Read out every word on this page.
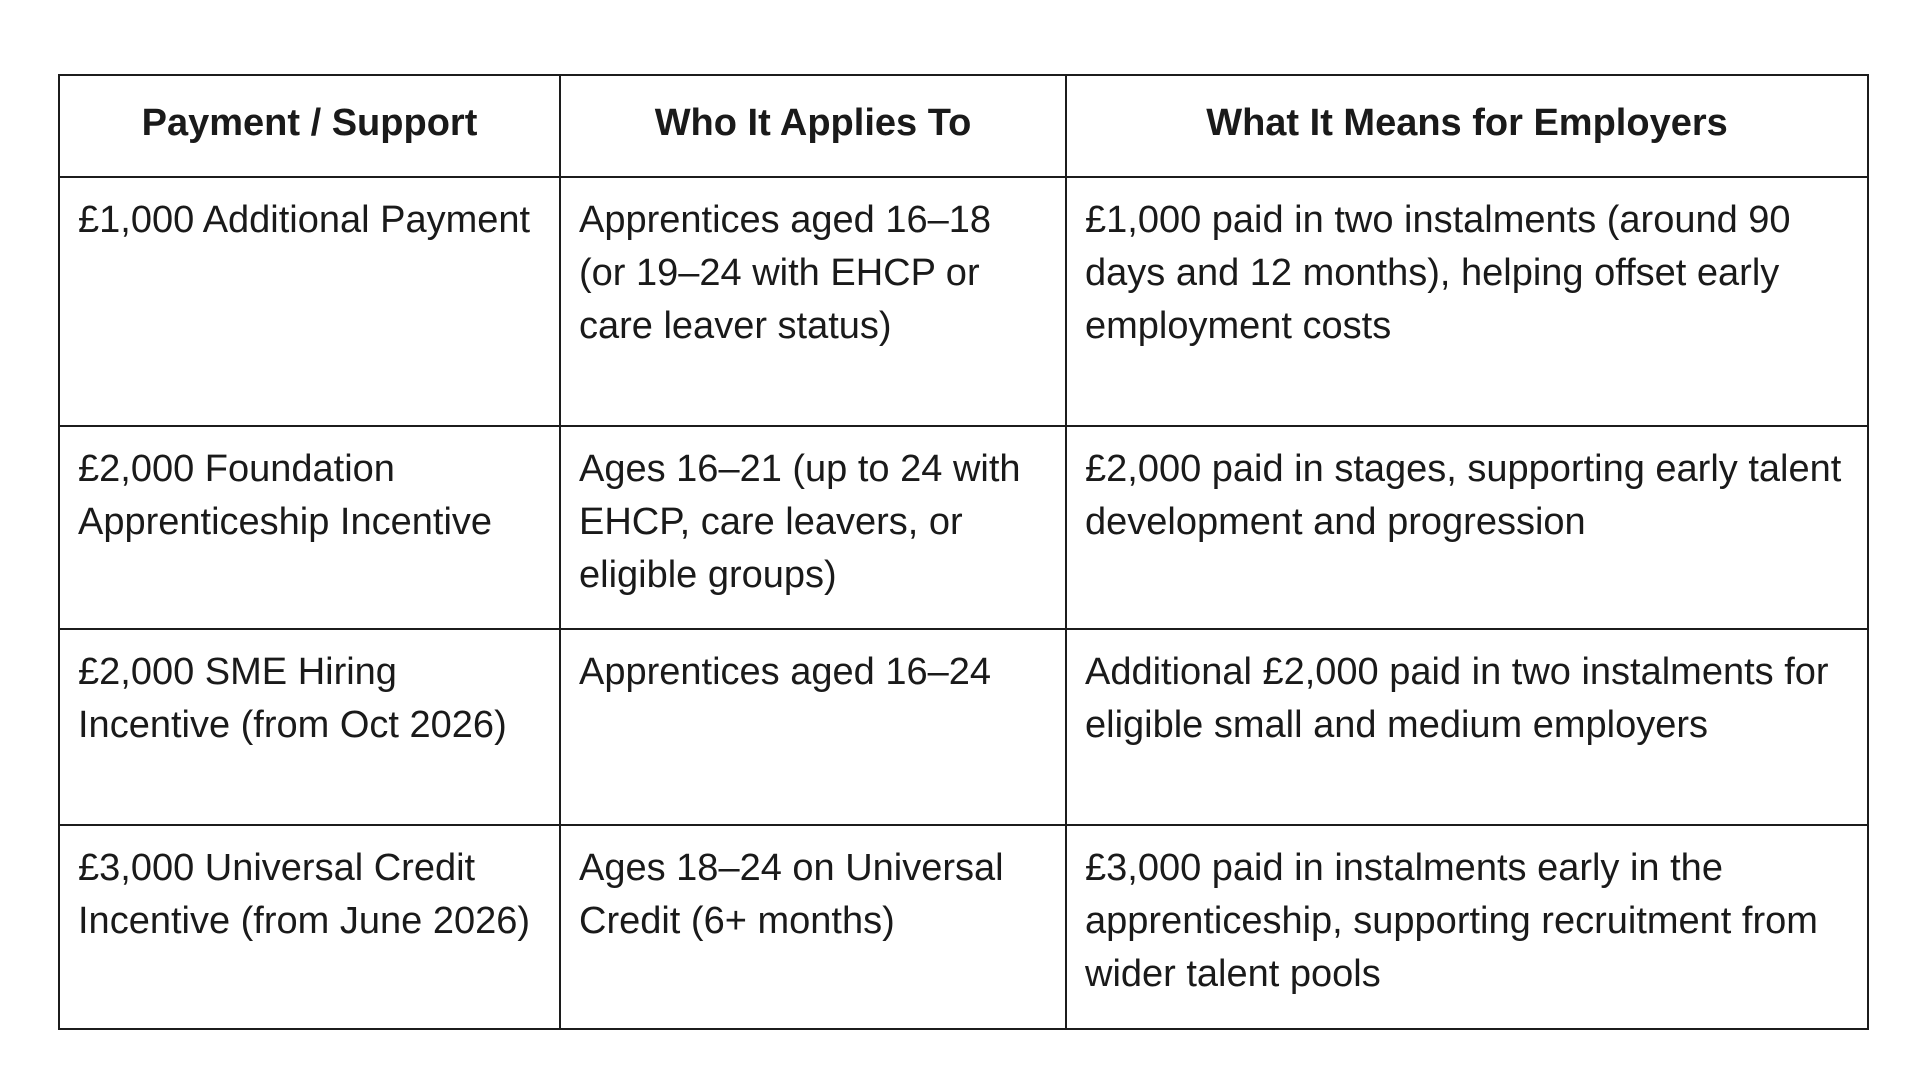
Payment / Support	Who It Applies To	What It Means for Employers

£1,000 Additional Payment	Apprentices aged 16–18 (or 19–24 with EHCP or care leaver status)	£1,000 paid in two instalments (around 90 days and 12 months), helping offset early employment costs

£2,000 Foundation Apprenticeship Incentive	Ages 16–21 (up to 24 with EHCP, care leavers, or eligible groups)	£2,000 paid in stages, supporting early talent development and progression

£2,000 SME Hiring Incentive (from Oct 2026)	Apprentices aged 16–24	Additional £2,000 paid in two instalments for eligible small and medium employers

£3,000 Universal Credit Incentive (from June 2026)	Ages 18–24 on Universal Credit (6+ months)	£3,000 paid in instalments early in the apprenticeship, supporting recruitment from wider talent pools
